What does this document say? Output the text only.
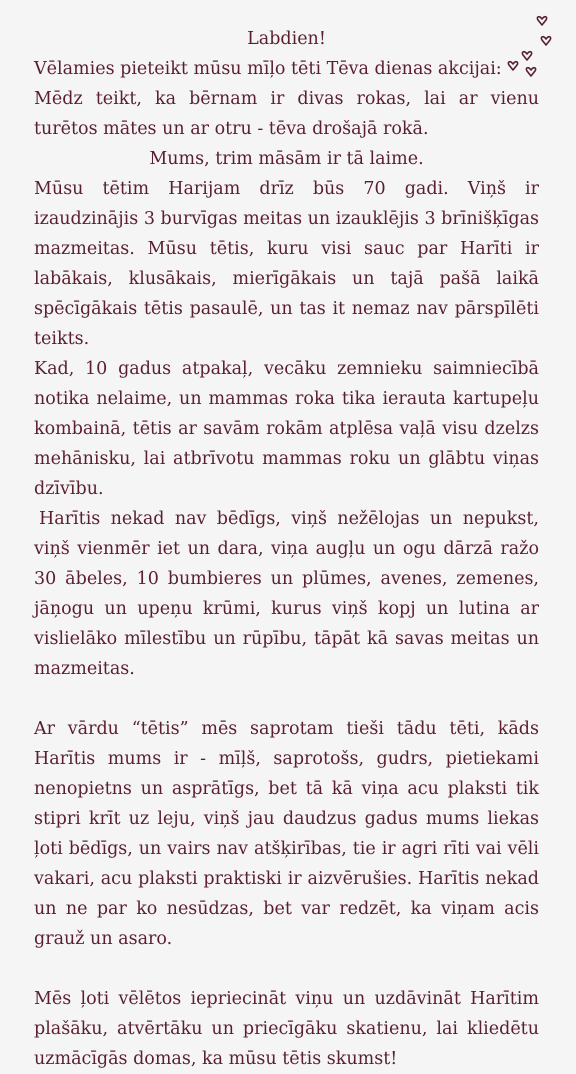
Labdien!
Vēlamies pieteikt mūsu mīļo tēti Tēva dienas akcijai:
Mēdz teikt, ka bērnam ir divas rokas, lai ar vienu turētos mātes un ar otru - tēva drošajā rokā.
Mums, trim māsām ir tā laime.
Mūsu tētim Harijam drīz būs 70 gadi. Viņš ir izaudzinājis 3 burvīgas meitas un izauklējis 3 brīnišķīgas mazmeitas. Mūsu tētis, kuru visi sauc par Harīti ir labākais, klusākais, mierīgākais un tajā pašā laikā spēcīgākais tētis pasaulē, un tas it nemaz nav pārspīlēti teikts.
Kad, 10 gadus atpakaļ, vecāku zemnieku saimniecībā notika nelaime, un mammas roka tika ierauta kartupeļu kombainā, tētis ar savām rokām atplēsa vaļā visu dzelzs mehānisku, lai atbrīvotu mammas roku un glābtu viņas dzīvību.
Harītis nekad nav bēdīgs, viņš nežēlojas un nepukst, viņš vienmēr iet un dara, viņa augļu un ogu dārzā ražo 30 ābeles, 10 bumbieres un plūmes, avenes, zemenes, jāņogu un upeņu krūmi, kurus viņš kopj un lutina ar vislielāko mīlestību un rūpību, tāpāt kā savas meitas un mazmeitas.
Ar vārdu “tētis” mēs saprotam tieši tādu tēti, kāds Harītis mums ir - mīļš, saprotošs, gudrs, pietiekami nenopietns un asprātīgs, bet tā kā viņa acu plaksti tik stipri krīt uz leju, viņš jau daudzus gadus mums liekas ļoti bēdīgs, un vairs nav atšķirības, tie ir agri rīti vai vēli vakari, acu plaksti praktiski ir aizvērušies. Harītis nekad un ne par ko nesūdzas, bet var redzēt, ka viņam acis grauž un asaro.
Mēs ļoti vēlētos iepriecināt viņu un uzdāvināt Harītim plašāku, atvērtāku un priecīgāku skatienu, lai kliedētu uzmācīgās domas, ka mūsu tētis skumst!
